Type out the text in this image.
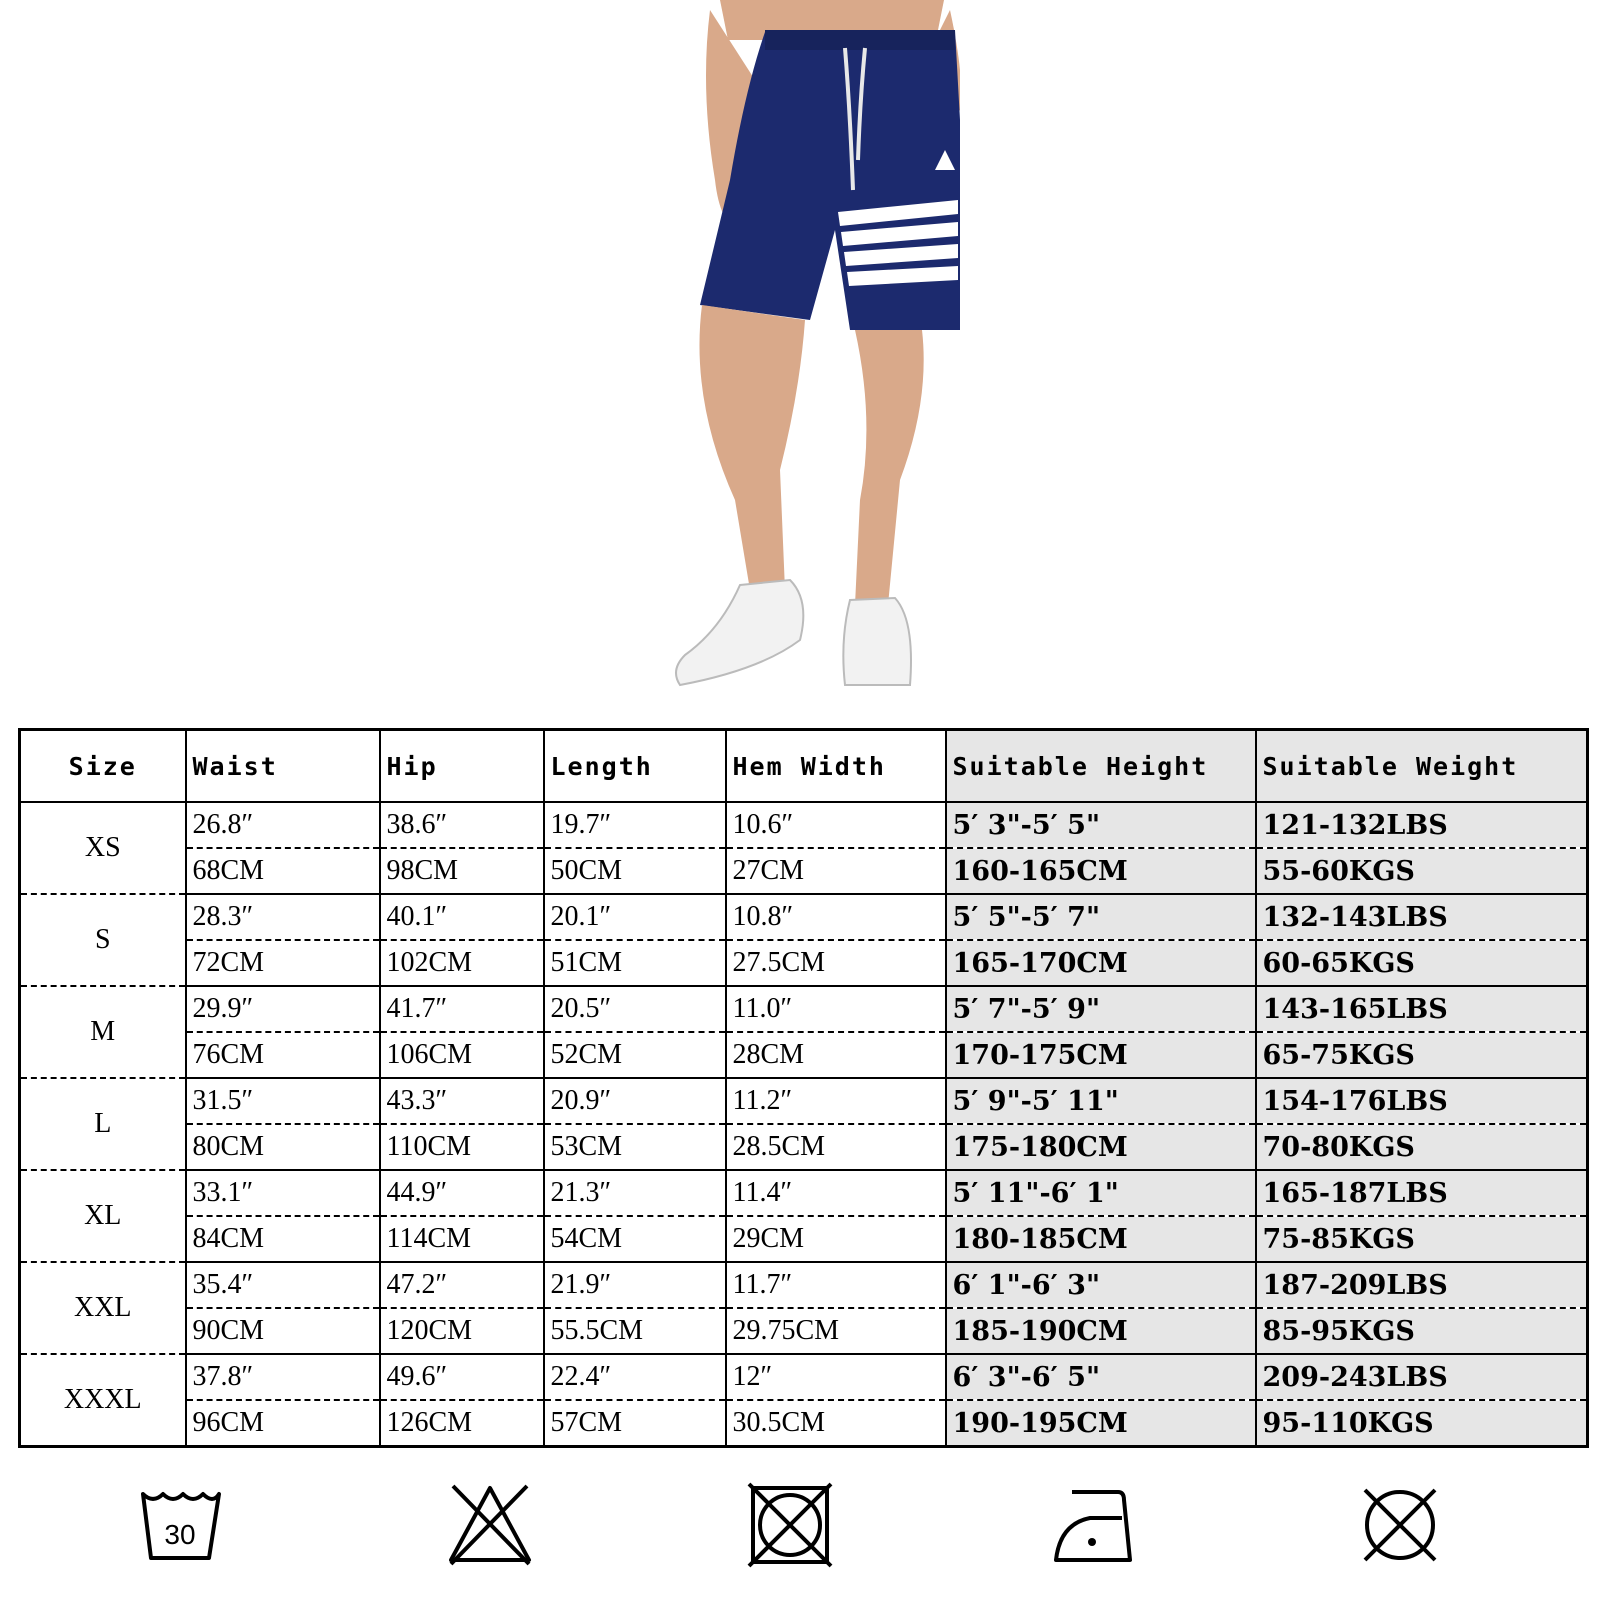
Size	Waist	Hip	Length	Hem Width	Suitable Height	Suitable Weight
XS	26.8″	38.6″	19.7″	10.6″	5′ 3"-5′ 5"	121-132LBS
	68CM	98CM	50CM	27CM	160-165CM	55-60KGS
S	28.3″	40.1″	20.1″	10.8″	5′ 5"-5′ 7"	132-143LBS
	72CM	102CM	51CM	27.5CM	165-170CM	60-65KGS
M	29.9″	41.7″	20.5″	11.0″	5′ 7"-5′ 9"	143-165LBS
	76CM	106CM	52CM	28CM	170-175CM	65-75KGS
L	31.5″	43.3″	20.9″	11.2″	5′ 9"-5′ 11"	154-176LBS
	80CM	110CM	53CM	28.5CM	175-180CM	70-80KGS
XL	33.1″	44.9″	21.3″	11.4″	5′ 11"-6′ 1"	165-187LBS
	84CM	114CM	54CM	29CM	180-185CM	75-85KGS
XXL	35.4″	47.2″	21.9″	11.7″	6′ 1"-6′ 3"	187-209LBS
	90CM	120CM	55.5CM	29.75CM	185-190CM	85-95KGS
XXXL	37.8″	49.6″	22.4″	12″	6′ 3"-6′ 5"	209-243LBS
	96CM	126CM	57CM	30.5CM	190-195CM	95-110KGS
30
